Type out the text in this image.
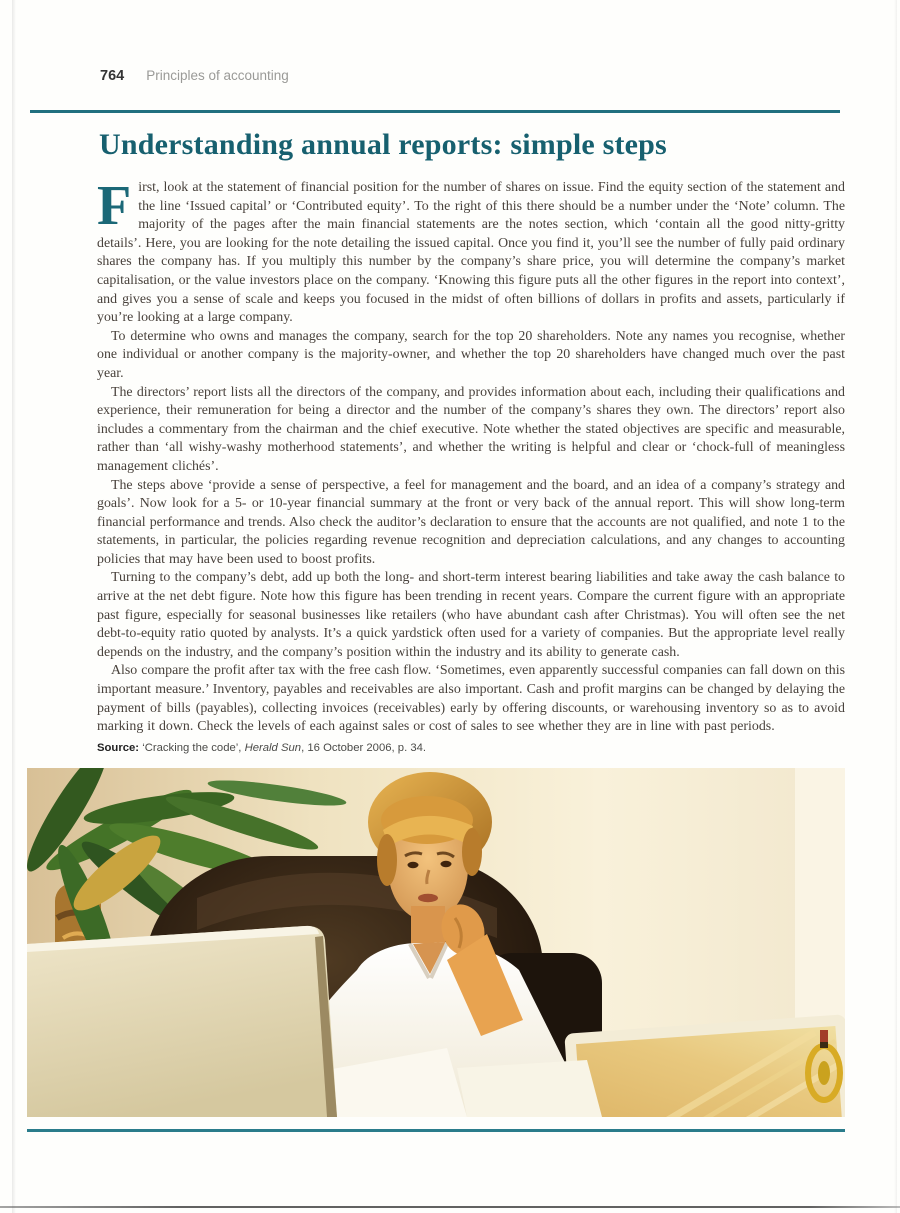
764 Principles of accounting
Understanding annual reports: simple steps

First, look at the statement of financial position for the number of shares on issue. Find the equity section of the statement and the line ‘Issued capital’ or ‘Contributed equity’. To the right of this there should be a number under the ‘Note’ column. The majority of the pages after the main financial statements are the notes section, which ‘contain all the good nitty-gritty details’. Here, you are looking for the note detailing the issued capital. Once you find it, you’ll see the number of fully paid ordinary shares the company has. If you multiply this number by the company’s share price, you will determine the company’s market capitalisation, or the value investors place on the company. ‘Knowing this figure puts all the other figures in the report into context’, and gives you a sense of scale and keeps you focused in the midst of often billions of dollars in profits and assets, particularly if you’re looking at a large company.

To determine who owns and manages the company, search for the top 20 shareholders. Note any names you recognise, whether one individual or another company is the majority-owner, and whether the top 20 shareholders have changed much over the past year.

The directors’ report lists all the directors of the company, and provides information about each, including their qualifications and experience, their remuneration for being a director and the number of the company’s shares they own. The directors’ report also includes a commentary from the chairman and the chief executive. Note whether the stated objectives are specific and measurable, rather than ‘all wishy-washy motherhood statements’, and whether the writing is helpful and clear or ‘chock-full of meaningless management clichés’.

The steps above ‘provide a sense of perspective, a feel for management and the board, and an idea of a company’s strategy and goals’. Now look for a 5- or 10-year financial summary at the front or very back of the annual report. This will show long-term financial performance and trends. Also check the auditor’s declaration to ensure that the accounts are not qualified, and note 1 to the statements, in particular, the policies regarding revenue recognition and depreciation calculations, and any changes to accounting policies that may have been used to boost profits.

Turning to the company’s debt, add up both the long- and short-term interest bearing liabilities and take away the cash balance to arrive at the net debt figure. Note how this figure has been trending in recent years. Compare the current figure with an appropriate past figure, especially for seasonal businesses like retailers (who have abundant cash after Christmas). You will often see the net debt-to-equity ratio quoted by analysts. It’s a quick yardstick often used for a variety of companies. But the appropriate level really depends on the industry, and the company’s position within the industry and its ability to generate cash.

Also compare the profit after tax with the free cash flow. ‘Sometimes, even apparently successful companies can fall down on this important measure.’ Inventory, payables and receivables are also important. Cash and profit margins can be changed by delaying the payment of bills (payables), collecting invoices (receivables) early by offering discounts, or warehousing inventory so as to avoid marking it down. Check the levels of each against sales or cost of sales to see whether they are in line with past periods.

Source: ‘Cracking the code’, Herald Sun, 16 October 2006, p. 34.
